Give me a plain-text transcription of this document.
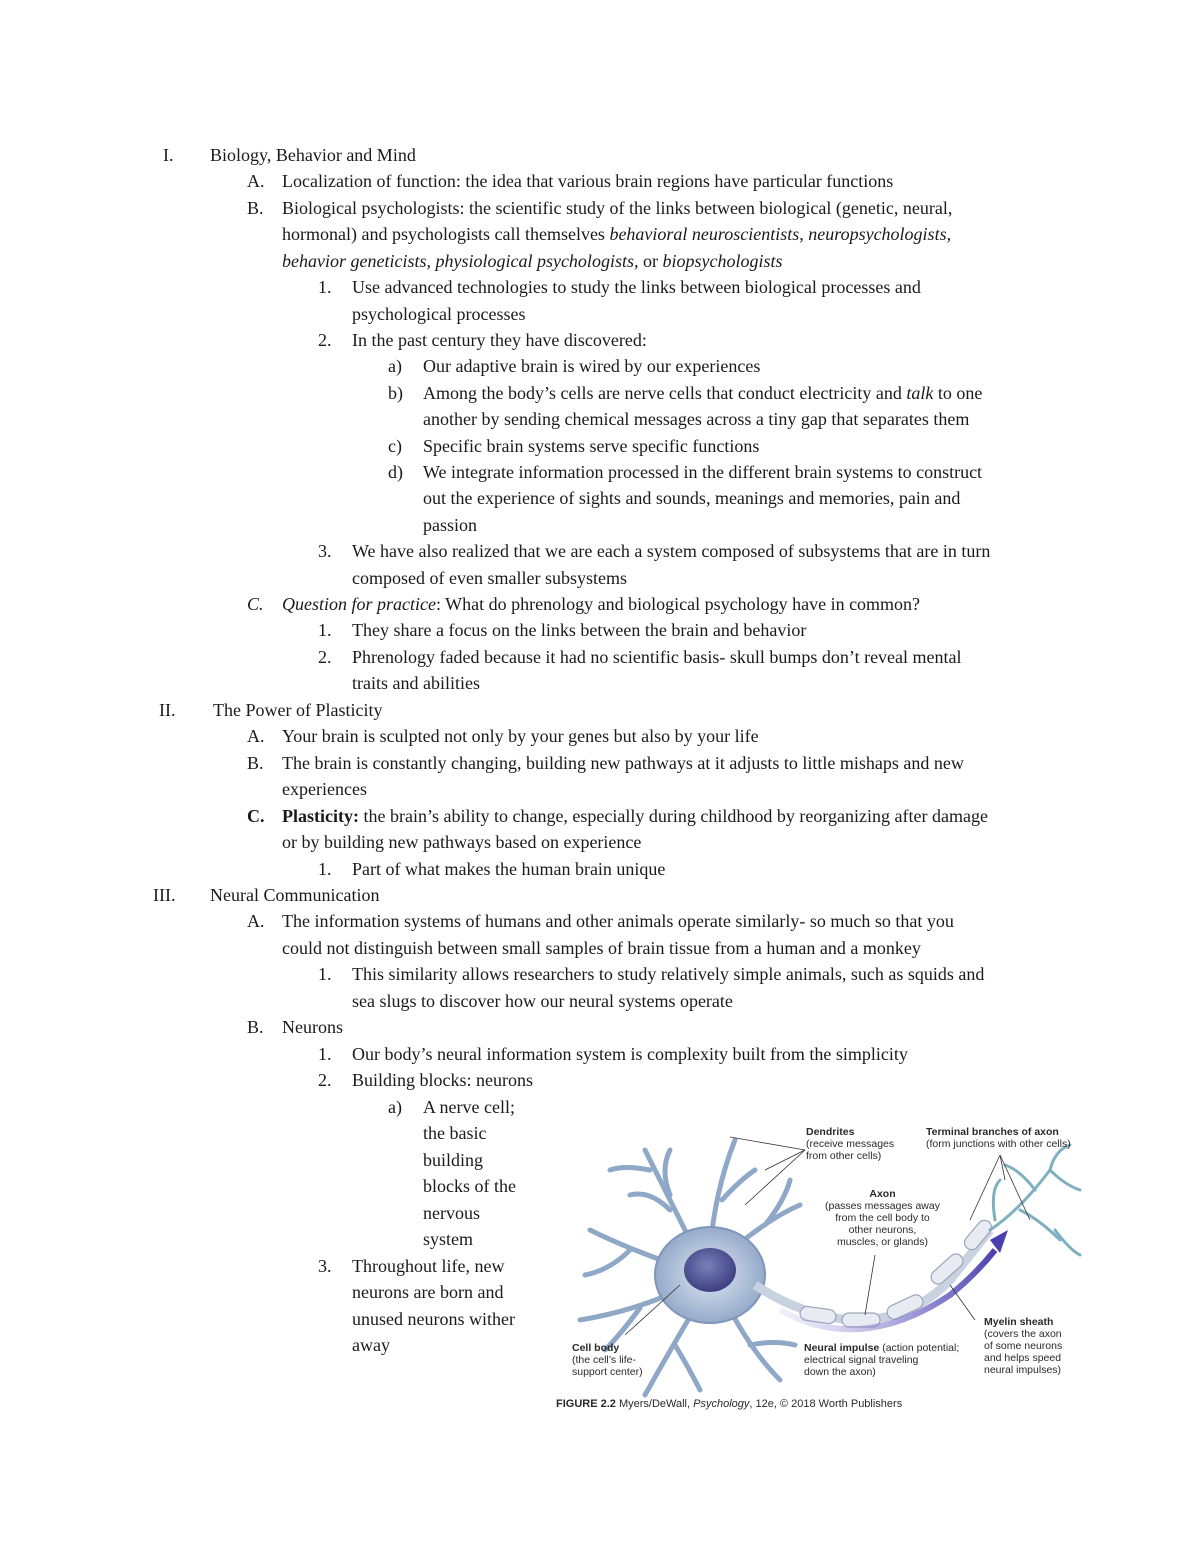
I. Biology, Behavior and Mind
A. Localization of function: the idea that various brain regions have particular functions
B. Biological psychologists: the scientific study of the links between biological (genetic, neural,
hormonal) and psychologists call themselves behavioral neuroscientists, neuropsychologists,
behavior geneticists, physiological psychologists, or biopsychologists
1. Use advanced technologies to study the links between biological processes and
psychological processes
2. In the past century they have discovered:
a) Our adaptive brain is wired by our experiences
b) Among the body’s cells are nerve cells that conduct electricity and talk to one
another by sending chemical messages across a tiny gap that separates them
c) Specific brain systems serve specific functions
d) We integrate information processed in the different brain systems to construct
out the experience of sights and sounds, meanings and memories, pain and
passion
3. We have also realized that we are each a system composed of subsystems that are in turn
composed of even smaller subsystems
C. Question for practice: What do phrenology and biological psychology have in common?
1. They share a focus on the links between the brain and behavior
2. Phrenology faded because it had no scientific basis- skull bumps don’t reveal mental
traits and abilities
II. The Power of Plasticity
A. Your brain is sculpted not only by your genes but also by your life
B. The brain is constantly changing, building new pathways at it adjusts to little mishaps and new
experiences
C. Plasticity: the brain’s ability to change, especially during childhood by reorganizing after damage
or by building new pathways based on experience
1. Part of what makes the human brain unique
III. Neural Communication
A. The information systems of humans and other animals operate similarly- so much so that you
could not distinguish between small samples of brain tissue from a human and a monkey
1. This similarity allows researchers to study relatively simple animals, such as squids and
sea slugs to discover how our neural systems operate
B. Neurons
1. Our body’s neural information system is complexity built from the simplicity
2. Building blocks: neurons
a) A nerve cell;
the basic
building
blocks of the
nervous
system
3. Throughout life, new
neurons are born and
unused neurons wither
away
Dendrites
(receive messages
from other cells)
Terminal branches of axon
(form junctions with other cells)
Axon
(passes messages away
from the cell body to
other neurons,
muscles, or glands)
Myelin sheath
(covers the axon
of some neurons
and helps speed
neural impulses)
Cell body
(the cell’s life-
support center)
Neural impulse (action potential;
electrical signal traveling
down the axon)
FIGURE 2.2 Myers/DeWall, Psychology, 12e, © 2018 Worth Publishers
